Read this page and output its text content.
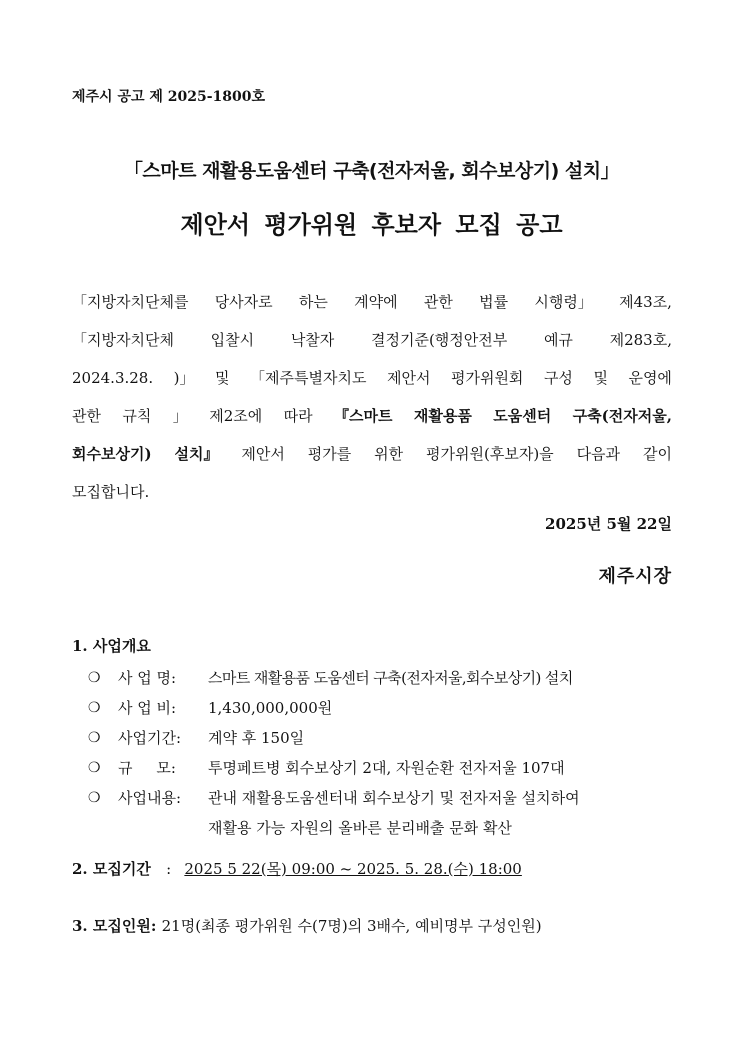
제주시 공고 제 2025-1800호
「스마트 재활용도움센터 구축(전자저울, 회수보상기) 설치」
제안서 평가위원 후보자 모집 공고
「지방자치단체를 당사자로 하는 계약에 관한 법률 시행령」 제43조,
「지방자치단체 입찰시 낙찰자 결정기준(행정안전부 예규 제283호,
2024.3.28. )」 및 「제주특별자치도 제안서 평가위원회 구성 및 운영에
관한 규칙 」 제2조에 따라 『스마트 재활용품 도움센터 구축(전자저울,
회수보상기) 설치』 제안서 평가를 위한 평가위원(후보자)을 다음과 같이
모집합니다.
2025년 5월 22일
제주시장
1. 사업개요
❍	사 업 명:	스마트 재활용품 도움센터 구축(전자저울,회수보상기) 설치
❍	사 업 비:	1,430,000,000원
❍	사업기간:	계약 후 150일
❍	규     모:	투명페트병 회수보상기 2대, 자원순환 전자저울 107대
❍	사업내용:	관내 재활용도움센터내 회수보상기 및 전자저울 설치하여
재활용 가능 자원의 올바른 분리배출 문화 확산
2. 모집기간 : 2025 5 22(목) 09:00 ~ 2025. 5. 28.(수) 18:00
3. 모집인원: 21명(최종 평가위원 수(7명)의 3배수, 예비명부 구성인원)
